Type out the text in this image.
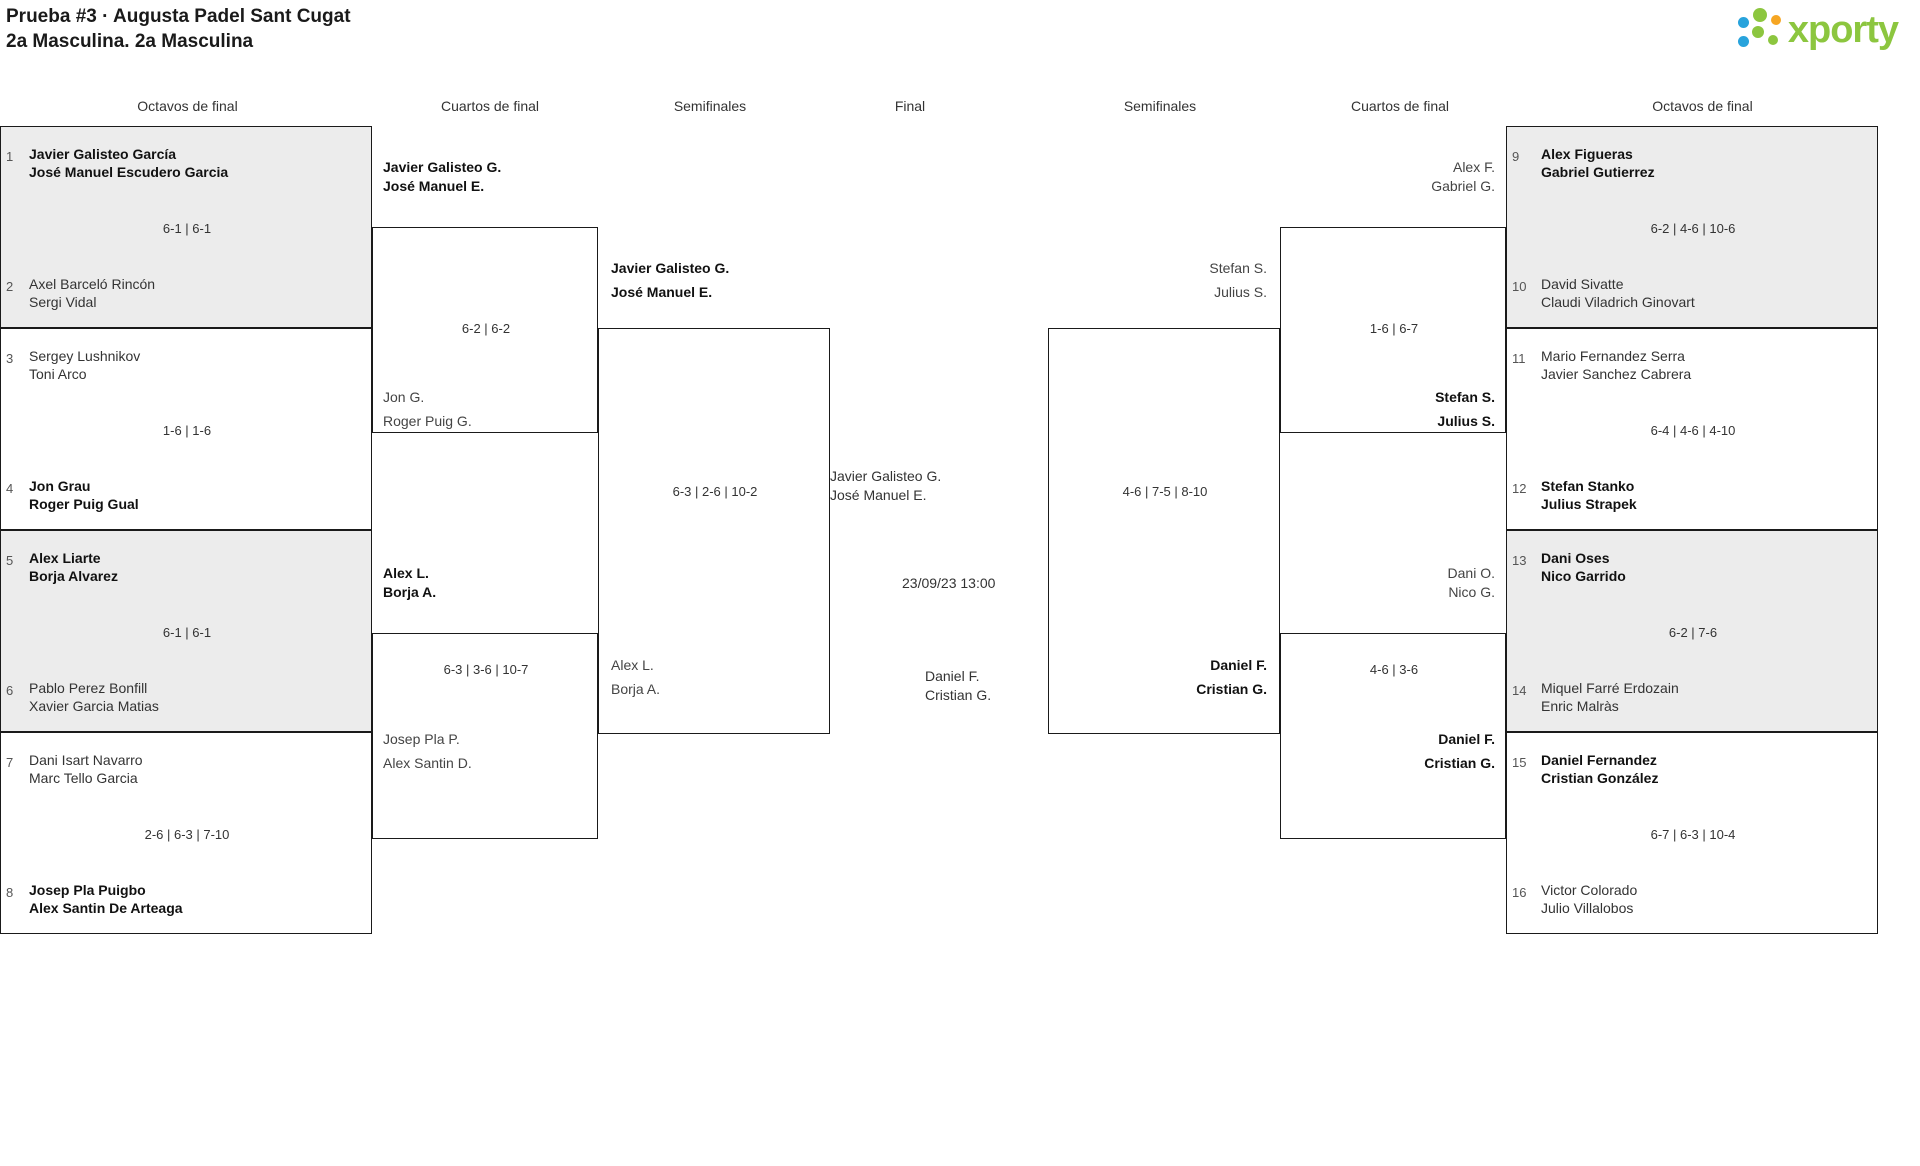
Prueba #3 · Augusta Padel Sant Cugat
2a Masculina. 2a Masculina	xporty
Octavos de final	Cuartos de final	Semifinales	Final	Semifinales	Cuartos de final	Octavos de final
1 Javier Galisteo García
José Manuel Escudero Garcia
6-1 | 6-1
2 Axel Barceló Rincón
Sergi Vidal
3 Sergey Lushnikov
Toni Arco
1-6 | 1-6
4 Jon Grau
Roger Puig Gual
5 Alex Liarte
Borja Alvarez
6-1 | 6-1
6 Pablo Perez Bonfill
Xavier Garcia Matias
7 Dani Isart Navarro
Marc Tello Garcia
2-6 | 6-3 | 7-10
8 Josep Pla Puigbo
Alex Santin De Arteaga
Javier Galisteo G.
José Manuel E.
6-2 | 6-2
Jon G.
Roger Puig G.
Alex L.
Borja A.
6-3 | 3-6 | 10-7
Josep Pla P.
Alex Santin D.
Javier Galisteo G.
José Manuel E.
6-3 | 2-6 | 10-2
Alex L.
Borja A.
Javier Galisteo G.
José Manuel E.
23/09/23 13:00
Daniel F.
Cristian G.
Stefan S.
Julius S.
4-6 | 7-5 | 8-10
Daniel F.
Cristian G.
Alex F.
Gabriel G.
1-6 | 6-7
Stefan S.
Julius S.
Dani O.
Nico G.
4-6 | 3-6
Daniel F.
Cristian G.
9 Alex Figueras
Gabriel Gutierrez
6-2 | 4-6 | 10-6
10 David Sivatte
Claudi Viladrich Ginovart
11 Mario Fernandez Serra
Javier Sanchez Cabrera
6-4 | 4-6 | 4-10
12 Stefan Stanko
Julius Strapek
13 Dani Oses
Nico Garrido
6-2 | 7-6
14 Miquel Farré Erdozain
Enric Malràs
15 Daniel Fernandez
Cristian González
6-7 | 6-3 | 10-4
16 Victor Colorado
Julio Villalobos
